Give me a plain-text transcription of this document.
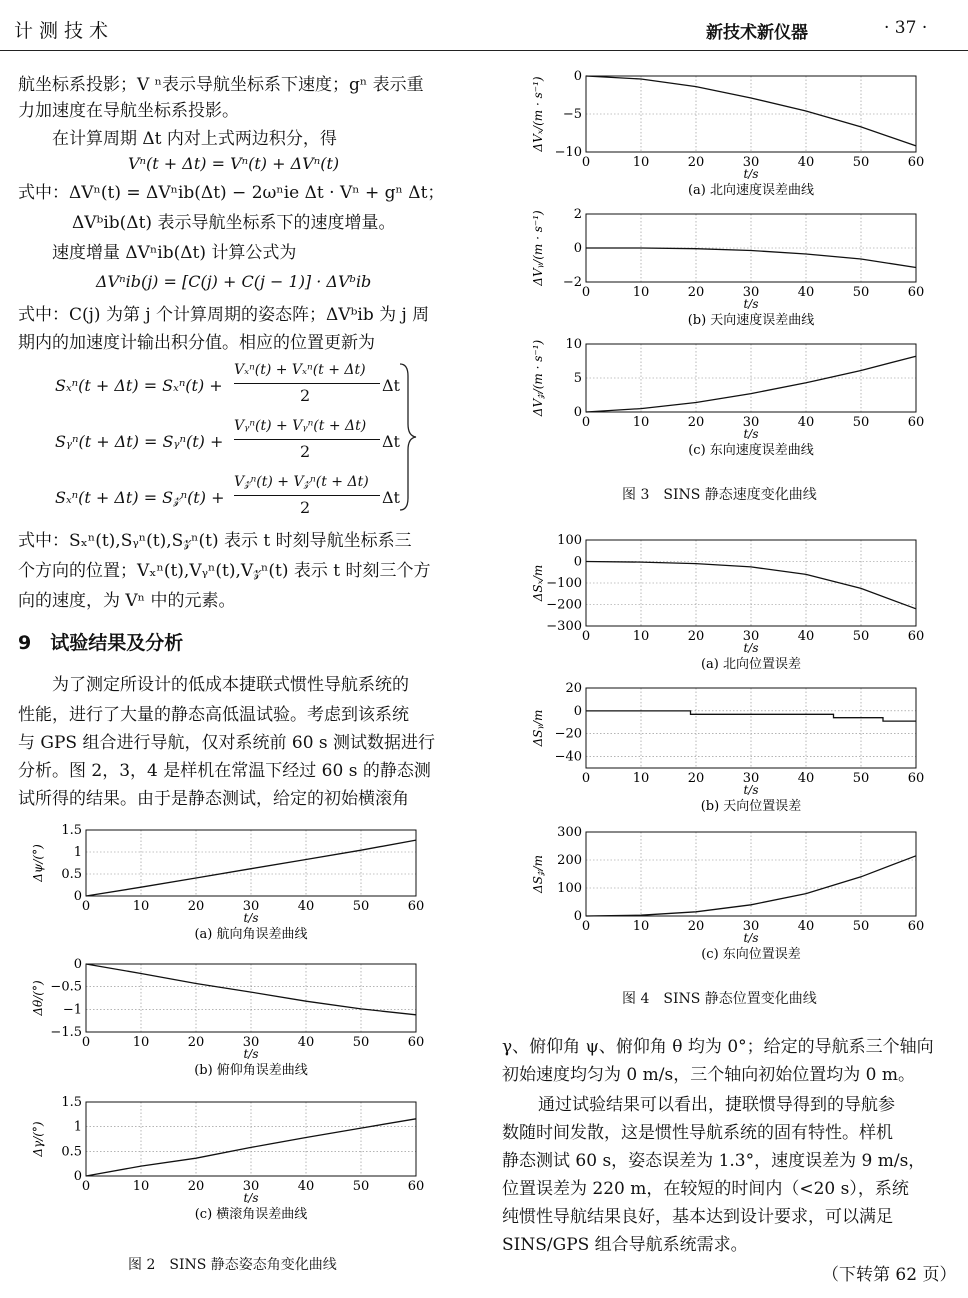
计测技术	新技术新仪器	· 37 ·
航坐标系投影；V ⁿ表示导航坐标系下速度；gⁿ 表示重
力加速度在导航坐标系投影。
在计算周期 Δt 内对上式两边积分，得
Vⁿ(t + Δt) = Vⁿ(t) + ΔVⁿ(t)
式中：ΔVⁿ(t) = ΔVⁿib(Δt) − 2ωⁿie Δt · Vⁿ + gⁿ Δt；
ΔVᵇib(Δt) 表示导航坐标系下的速度增量。
速度增量 ΔVⁿib(Δt) 计算公式为
ΔVⁿib(j) = [C(j) + C(j − 1)] · ΔVᵇib
式中：C(j) 为第 j 个计算周期的姿态阵；ΔVᵇib 为 j 周
期内的加速度计输出积分值。相应的位置更新为
Sₓⁿ(t + Δt) = Sₓⁿ(t) +
Vₓⁿ(t) + Vₓⁿ(t + Δt)
2
Δt
Sᵧⁿ(t + Δt) = Sᵧⁿ(t) +
Vᵧⁿ(t) + Vᵧⁿ(t + Δt)
2
Δt
Sₓⁿ(t + Δt) = S𝓏ⁿ(t) +
V𝓏ⁿ(t) + V𝓏ⁿ(t + Δt)
2
Δt
式中：Sₓⁿ(t),Sᵧⁿ(t),S𝓏ⁿ(t) 表示 t 时刻导航坐标系三
个方向的位置；Vₓⁿ(t),Vᵧⁿ(t),V𝓏ⁿ(t) 表示 t 时刻三个方
向的速度，为 Vⁿ 中的元素。
9　试验结果及分析
为了测定所设计的低成本捷联式惯性导航系统的
性能，进行了大量的静态高低温试验。考虑到该系统
与 GPS 组合进行导航，仅对系统前 60 s 测试数据进行
分析。图 2，3，4 是样机在常温下经过 60 s 的静态测
试所得的结果。由于是静态测试，给定的初始横滚角
0	10	20	30	40	50	60
0
0.5
1
1.5
t/s
Δψ/(°)
(a) 航向角误差曲线
0	10	20	30	40	50	60
0
−0.5
−1
−1.5
t/s
Δθ/(°)
(b) 俯仰角误差曲线
0	10	20	30	40	50	60
0
0.5
1
1.5
t/s
Δγ/(°)
(c) 横滚角误差曲线
图 2　SINS 静态姿态角变化曲线
0	10	20	30	40	50	60
0
−5
−10
t/s
ΔVₓ/(m · s⁻¹)
(a) 北向速度误差曲线
0	10	20	30	40	50	60
2
0
−2
t/s
ΔVᵧ/(m · s⁻¹)
(b) 天向速度误差曲线
0	10	20	30	40	50	60
10
5
0
t/s
ΔV𝓏/(m · s⁻¹)
(c) 东向速度误差曲线
图 3　SINS 静态速度变化曲线
0	10	20	30	40	50	60
100
0
−100
−200
−300
t/s
ΔSₓ/m
(a) 北向位置误差
0	10	20	30	40	50	60
20
0
−20
−40
t/s
ΔSᵧ/m
(b) 天向位置误差
0	10	20	30	40	50	60
300
200
100
0
t/s
ΔS𝓏/m
(c) 东向位置误差
图 4　SINS 静态位置变化曲线
γ、俯仰角 ψ、俯仰角 θ 均为 0°；给定的导航系三个轴向
初始速度均匀为 0 m/s，三个轴向初始位置均为 0 m。
通过试验结果可以看出，捷联惯导得到的导航参
数随时间发散，这是惯性导航系统的固有特性。样机
静态测试 60 s，姿态误差为 1.3°，速度误差为 9 m/s，
位置误差为 220 m，在较短的时间内（<20 s），系统
纯惯性导航结果良好，基本达到设计要求，可以满足
SINS/GPS 组合导航系统需求。
（下转第 62 页）
